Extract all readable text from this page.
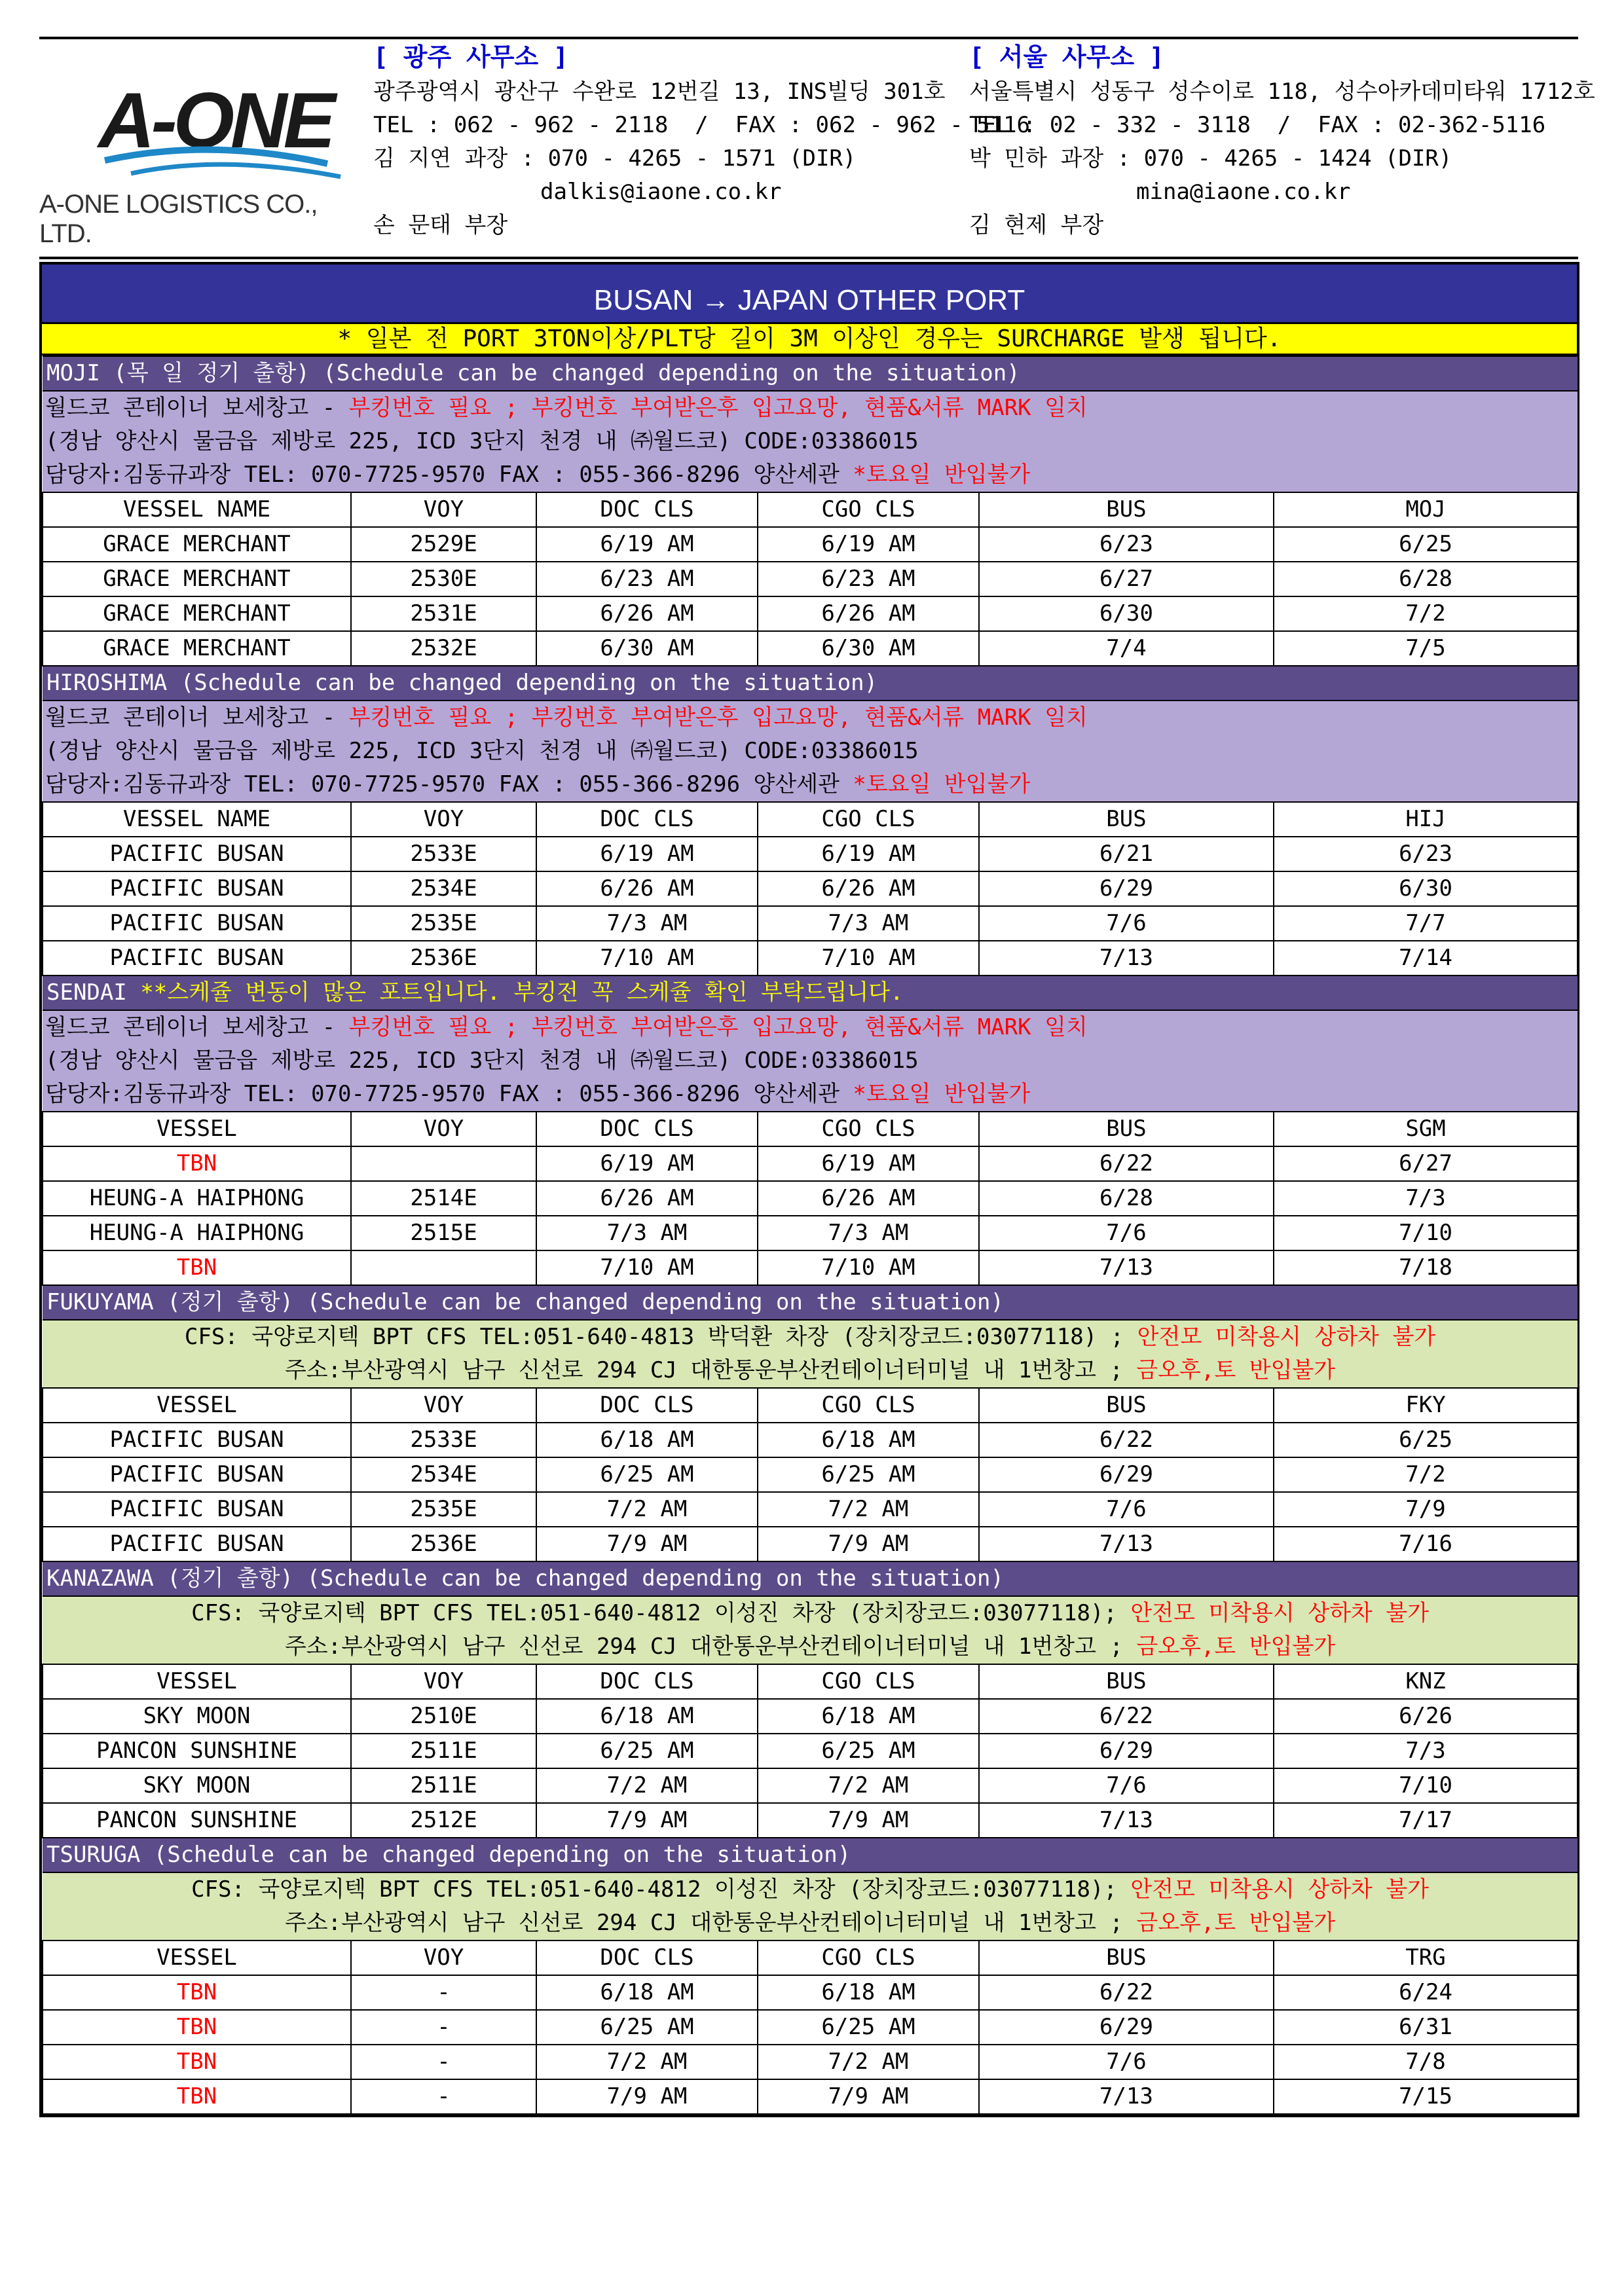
A-ONE
A-ONE LOGISTICS CO., LTD.
[ 광주 사무소 ]
광주광역시 광산구 수완로 12번길 13, INS빌딩 301호
TEL : 062 - 962 - 2118  /  FAX : 062 - 962 - 5116
김 지연 과장 : 070 - 4265 - 1571 (DIR)

dalkis@iaone.co.kr
손 문태 부장
[ 서울 사무소 ]
서울특별시 성동구 성수이로 118, 성수아카데미타워 1712호
TEL : 02 - 332 - 3118  /  FAX : 02-362-5116
박 민하 과장 : 070 - 4265 - 1424 (DIR)

mina@iaone.co.kr
김 현제 부장
BUSAN → JAPAN OTHER PORT
* 일본 전 PORT 3TON이상/PLT당 길이 3M 이상인 경우는 SURCHARGE 발생 됩니다.
MOJI (목 일 정기 출항) (Schedule can be changed depending on the situation)					
월드코 콘테이너 보세창고 - 부킹번호 필요 ; 부킹번호 부여받은후 입고요망, 현품&서류 MARK 일치					
(경남 양산시 물금읍 제방로 225, ICD 3단지 천경 내 ㈜월드코) CODE:03386015					
담당자:김동규과장 TEL: 070-7725-9570 FAX : 055-366-8296 양산세관 *토요일 반입불가					
VESSEL NAME	VOY	DOC CLS	CGO CLS	BUS	MOJ
GRACE MERCHANT	2529E	6/19 AM	6/19 AM	6/23	6/25
GRACE MERCHANT	2530E	6/23 AM	6/23 AM	6/27	6/28
GRACE MERCHANT	2531E	6/26 AM	6/26 AM	6/30	7/2
GRACE MERCHANT	2532E	6/30 AM	6/30 AM	7/4	7/5
HIROSHIMA (Schedule can be changed depending on the situation)					
월드코 콘테이너 보세창고 - 부킹번호 필요 ; 부킹번호 부여받은후 입고요망, 현품&서류 MARK 일치					
(경남 양산시 물금읍 제방로 225, ICD 3단지 천경 내 ㈜월드코) CODE:03386015					
담당자:김동규과장 TEL: 070-7725-9570 FAX : 055-366-8296 양산세관 *토요일 반입불가					
VESSEL NAME	VOY	DOC CLS	CGO CLS	BUS	HIJ
PACIFIC BUSAN	2533E	6/19 AM	6/19 AM	6/21	6/23
PACIFIC BUSAN	2534E	6/26 AM	6/26 AM	6/29	6/30
PACIFIC BUSAN	2535E	7/3 AM	7/3 AM	7/6	7/7
PACIFIC BUSAN	2536E	7/10 AM	7/10 AM	7/13	7/14
SENDAI **스케쥴 변동이 많은 포트입니다. 부킹전 꼭 스케쥴 확인 부탁드립니다.					
월드코 콘테이너 보세창고 - 부킹번호 필요 ; 부킹번호 부여받은후 입고요망, 현품&서류 MARK 일치					
(경남 양산시 물금읍 제방로 225, ICD 3단지 천경 내 ㈜월드코) CODE:03386015					
담당자:김동규과장 TEL: 070-7725-9570 FAX : 055-366-8296 양산세관 *토요일 반입불가					
VESSEL	VOY	DOC CLS	CGO CLS	BUS	SGM
TBN		6/19 AM	6/19 AM	6/22	6/27
HEUNG-A HAIPHONG	2514E	6/26 AM	6/26 AM	6/28	7/3
HEUNG-A HAIPHONG	2515E	7/3 AM	7/3 AM	7/6	7/10
TBN		7/10 AM	7/10 AM	7/13	7/18
FUKUYAMA (정기 출항) (Schedule can be changed depending on the situation)					
CFS: 국양로지텍 BPT CFS TEL:051-640-4813 박덕환 차장 (장치장코드:03077118) ; 안전모 미착용시 상하차 불가					
주소:부산광역시 남구 신선로 294 CJ 대한통운부산컨테이너터미널 내 1번창고 ; 금오후,토 반입불가					
VESSEL	VOY	DOC CLS	CGO CLS	BUS	FKY
PACIFIC BUSAN	2533E	6/18 AM	6/18 AM	6/22	6/25
PACIFIC BUSAN	2534E	6/25 AM	6/25 AM	6/29	7/2
PACIFIC BUSAN	2535E	7/2 AM	7/2 AM	7/6	7/9
PACIFIC BUSAN	2536E	7/9 AM	7/9 AM	7/13	7/16
KANAZAWA (정기 출항) (Schedule can be changed depending on the situation)					
CFS: 국양로지텍 BPT CFS TEL:051-640-4812 이성진 차장 (장치장코드:03077118); 안전모 미착용시 상하차 불가					
주소:부산광역시 남구 신선로 294 CJ 대한통운부산컨테이너터미널 내 1번창고 ; 금오후,토 반입불가					
VESSEL	VOY	DOC CLS	CGO CLS	BUS	KNZ
SKY MOON	2510E	6/18 AM	6/18 AM	6/22	6/26
PANCON SUNSHINE	2511E	6/25 AM	6/25 AM	6/29	7/3
SKY MOON	2511E	7/2 AM	7/2 AM	7/6	7/10
PANCON SUNSHINE	2512E	7/9 AM	7/9 AM	7/13	7/17
TSURUGA (Schedule can be changed depending on the situation)					
CFS: 국양로지텍 BPT CFS TEL:051-640-4812 이성진 차장 (장치장코드:03077118); 안전모 미착용시 상하차 불가					
주소:부산광역시 남구 신선로 294 CJ 대한통운부산컨테이너터미널 내 1번창고 ; 금오후,토 반입불가					
VESSEL	VOY	DOC CLS	CGO CLS	BUS	TRG
TBN	-	6/18 AM	6/18 AM	6/22	6/24
TBN	-	6/25 AM	6/25 AM	6/29	6/31
TBN	-	7/2 AM	7/2 AM	7/6	7/8
TBN	-	7/9 AM	7/9 AM	7/13	7/15
